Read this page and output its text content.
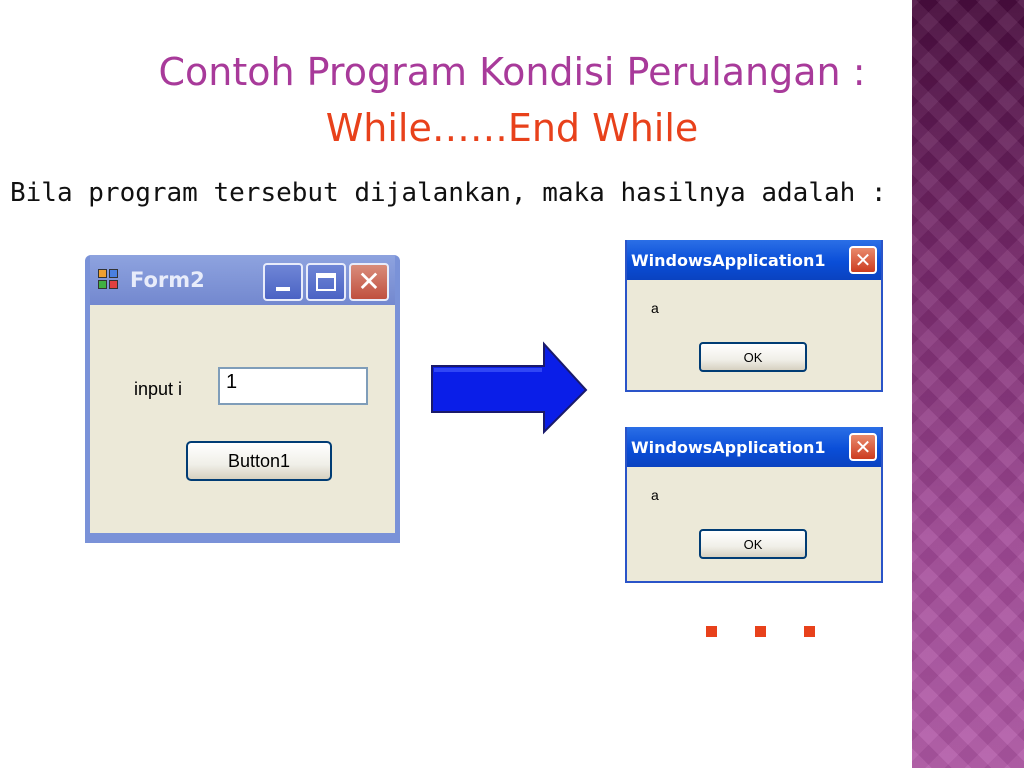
Contoh Program Kondisi Perulangan :
While……End While
Bila program tersebut dijalankan, maka hasilnya adalah :
Form2	✕
input i	1
Button1
WindowsApplication1 ✕
a
OK
WindowsApplication1 ✕
a
OK
